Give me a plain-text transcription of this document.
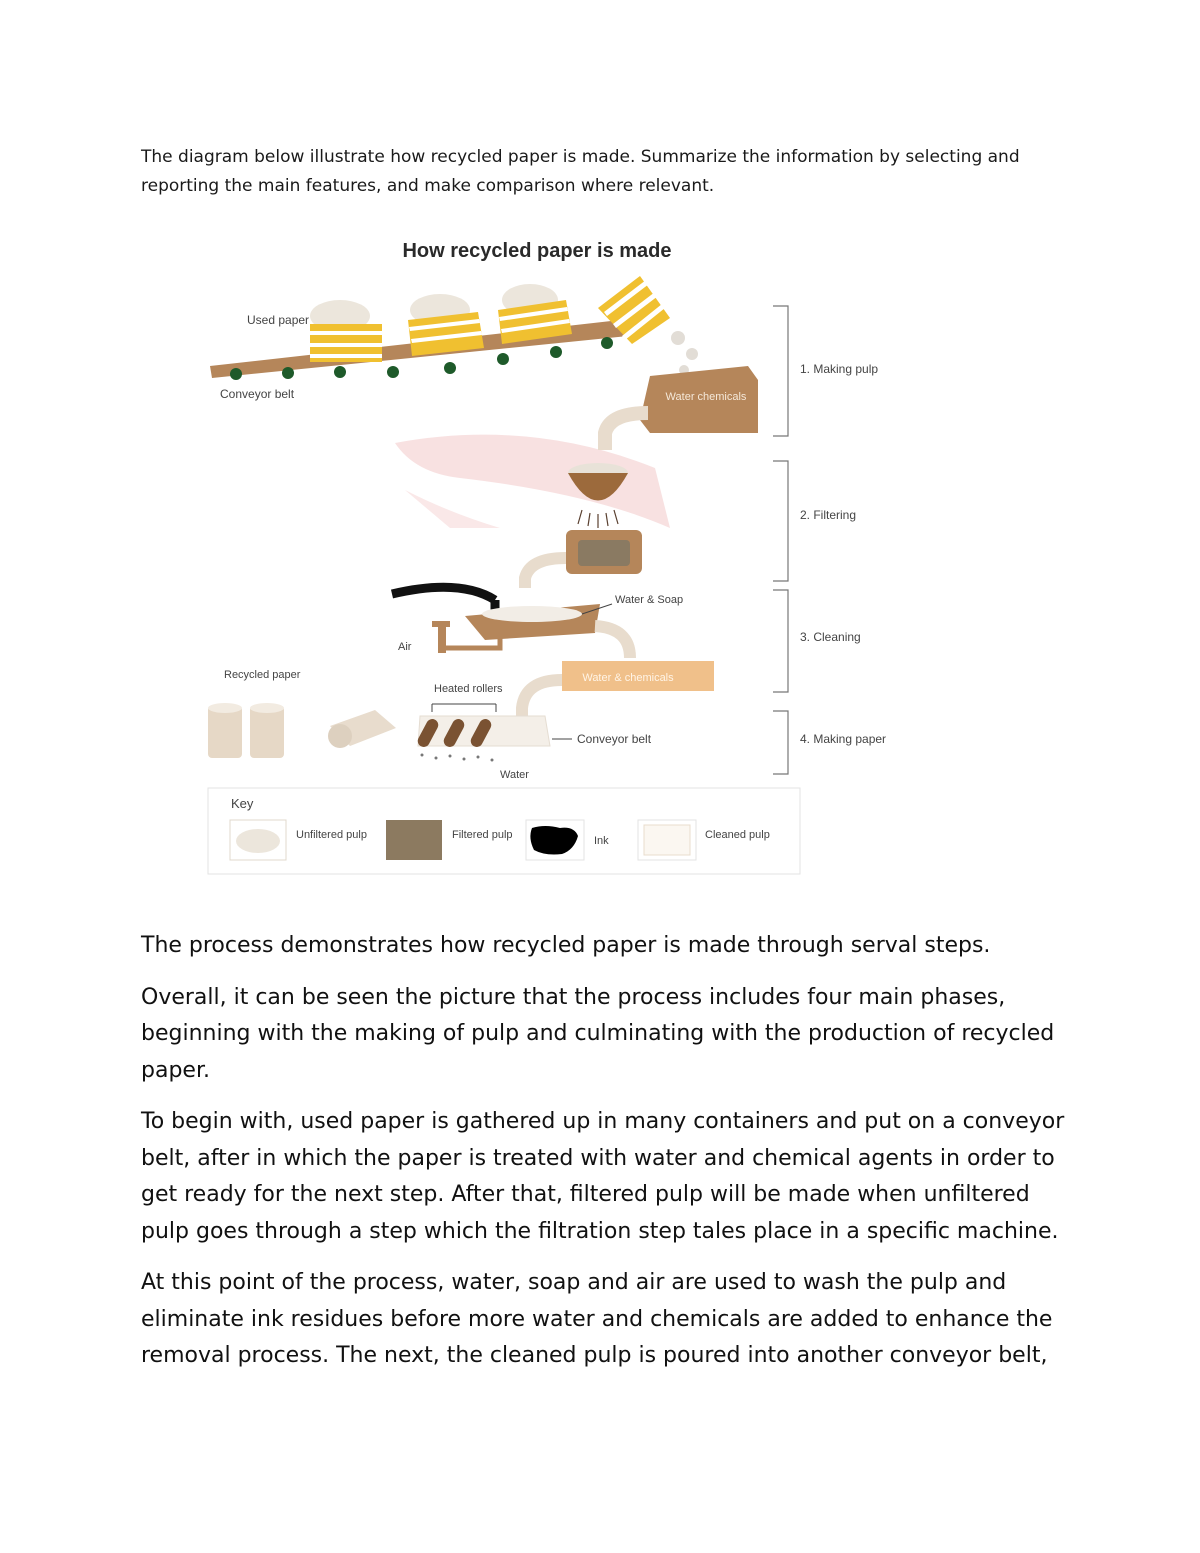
The diagram below illustrate how recycled paper is made. Summarize the information by selecting and reporting the main features, and make comparison where relevant.

How recycled paper is made
Used paper
Conveyor belt	Water chemicals
Water & Soap
Air
Water & chemicals
Conveyor belt
Heated rollers
Water
Recycled paper
1. Making pulp
2. Filtering
3. Cleaning
4. Making paper
Key
Unfiltered pulp	Filtered pulp	Ink	Cleaned pulp

The process demonstrates how recycled paper is made through serval steps.

Overall, it can be seen the picture that the process includes four main phases, beginning with the making of pulp and culminating with the production of recycled paper.

To begin with, used paper is gathered up in many containers and put on a conveyor belt, after in which the paper is treated with water and chemical agents in order to get ready for the next step. After that, filtered pulp will be made when unfiltered pulp goes through a step which the filtration step tales place in a specific machine.

At this point of the process, water, soap and air are used to wash the pulp and eliminate ink residues before more water and chemicals are added to enhance the removal process. The next, the cleaned pulp is poured into another conveyor belt,
